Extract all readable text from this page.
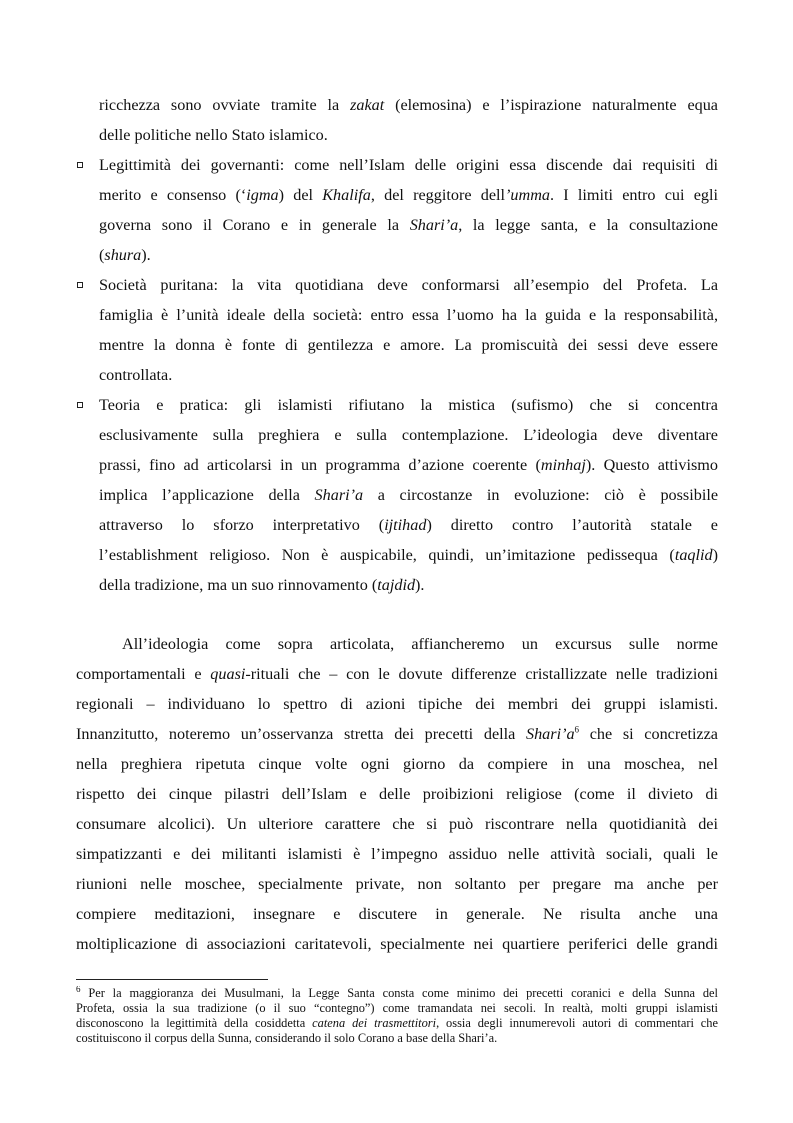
ricchezza sono ovviate tramite la zakat (elemosina) e l’ispirazione naturalmente equa
delle politiche nello Stato islamico.
Legittimità dei governanti: come nell’Islam delle origini essa discende dai requisiti di
merito e consenso (‘igma) del Khalifa, del reggitore dell’umma. I limiti entro cui egli
governa sono il Corano e in generale la Shari’a, la legge santa, e la consultazione
(shura).
Società puritana: la vita quotidiana deve conformarsi all’esempio del Profeta. La
famiglia è l’unità ideale della società: entro essa l’uomo ha la guida e la responsabilità,
mentre la donna è fonte di gentilezza e amore. La promiscuità dei sessi deve essere
controllata.
Teoria e pratica: gli islamisti rifiutano la mistica (sufismo) che si concentra
esclusivamente sulla preghiera e sulla contemplazione. L’ideologia deve diventare
prassi, fino ad articolarsi in un programma d’azione coerente (minhaj). Questo attivismo
implica l’applicazione della Shari’a a circostanze in evoluzione: ciò è possibile
attraverso lo sforzo interpretativo (ijtihad) diretto contro l’autorità statale e
l’establishment religioso. Non è auspicabile, quindi, un’imitazione pedissequa (taqlid)
della tradizione, ma un suo rinnovamento (tajdid).
All’ideologia come sopra articolata, affiancheremo un excursus sulle norme
comportamentali e quasi-rituali che – con le dovute differenze cristallizzate nelle tradizioni
regionali – individuano lo spettro di azioni tipiche dei membri dei gruppi islamisti.
Innanzitutto, noteremo un’osservanza stretta dei precetti della $Shari’a^6$ che si concretizza
nella preghiera ripetuta cinque volte ogni giorno da compiere in una moschea, nel
rispetto dei cinque pilastri dell’Islam e delle proibizioni religiose (come il divieto di
consumare alcolici). Un ulteriore carattere che si può riscontrare nella quotidianità dei
simpatizzanti e dei militanti islamisti è l’impegno assiduo nelle attività sociali, quali le
riunioni nelle moschee, specialmente private, non soltanto per pregare ma anche per
compiere meditazioni, insegnare e discutere in generale. Ne risulta anche una
moltiplicazione di associazioni caritatevoli, specialmente nei quartiere periferici delle grandi
$^6$ Per la maggioranza dei Musulmani, la Legge Santa consta come minimo dei precetti coranici e della Sunna del
Profeta, ossia la sua tradizione (o il suo “contegno”) come tramandata nei secoli. In realtà, molti gruppi islamisti
disconoscono la legittimità della cosiddetta catena dei trasmettitori, ossia degli innumerevoli autori di commentari che
costituiscono il corpus della Sunna, considerando il solo Corano a base della Shari’a.
